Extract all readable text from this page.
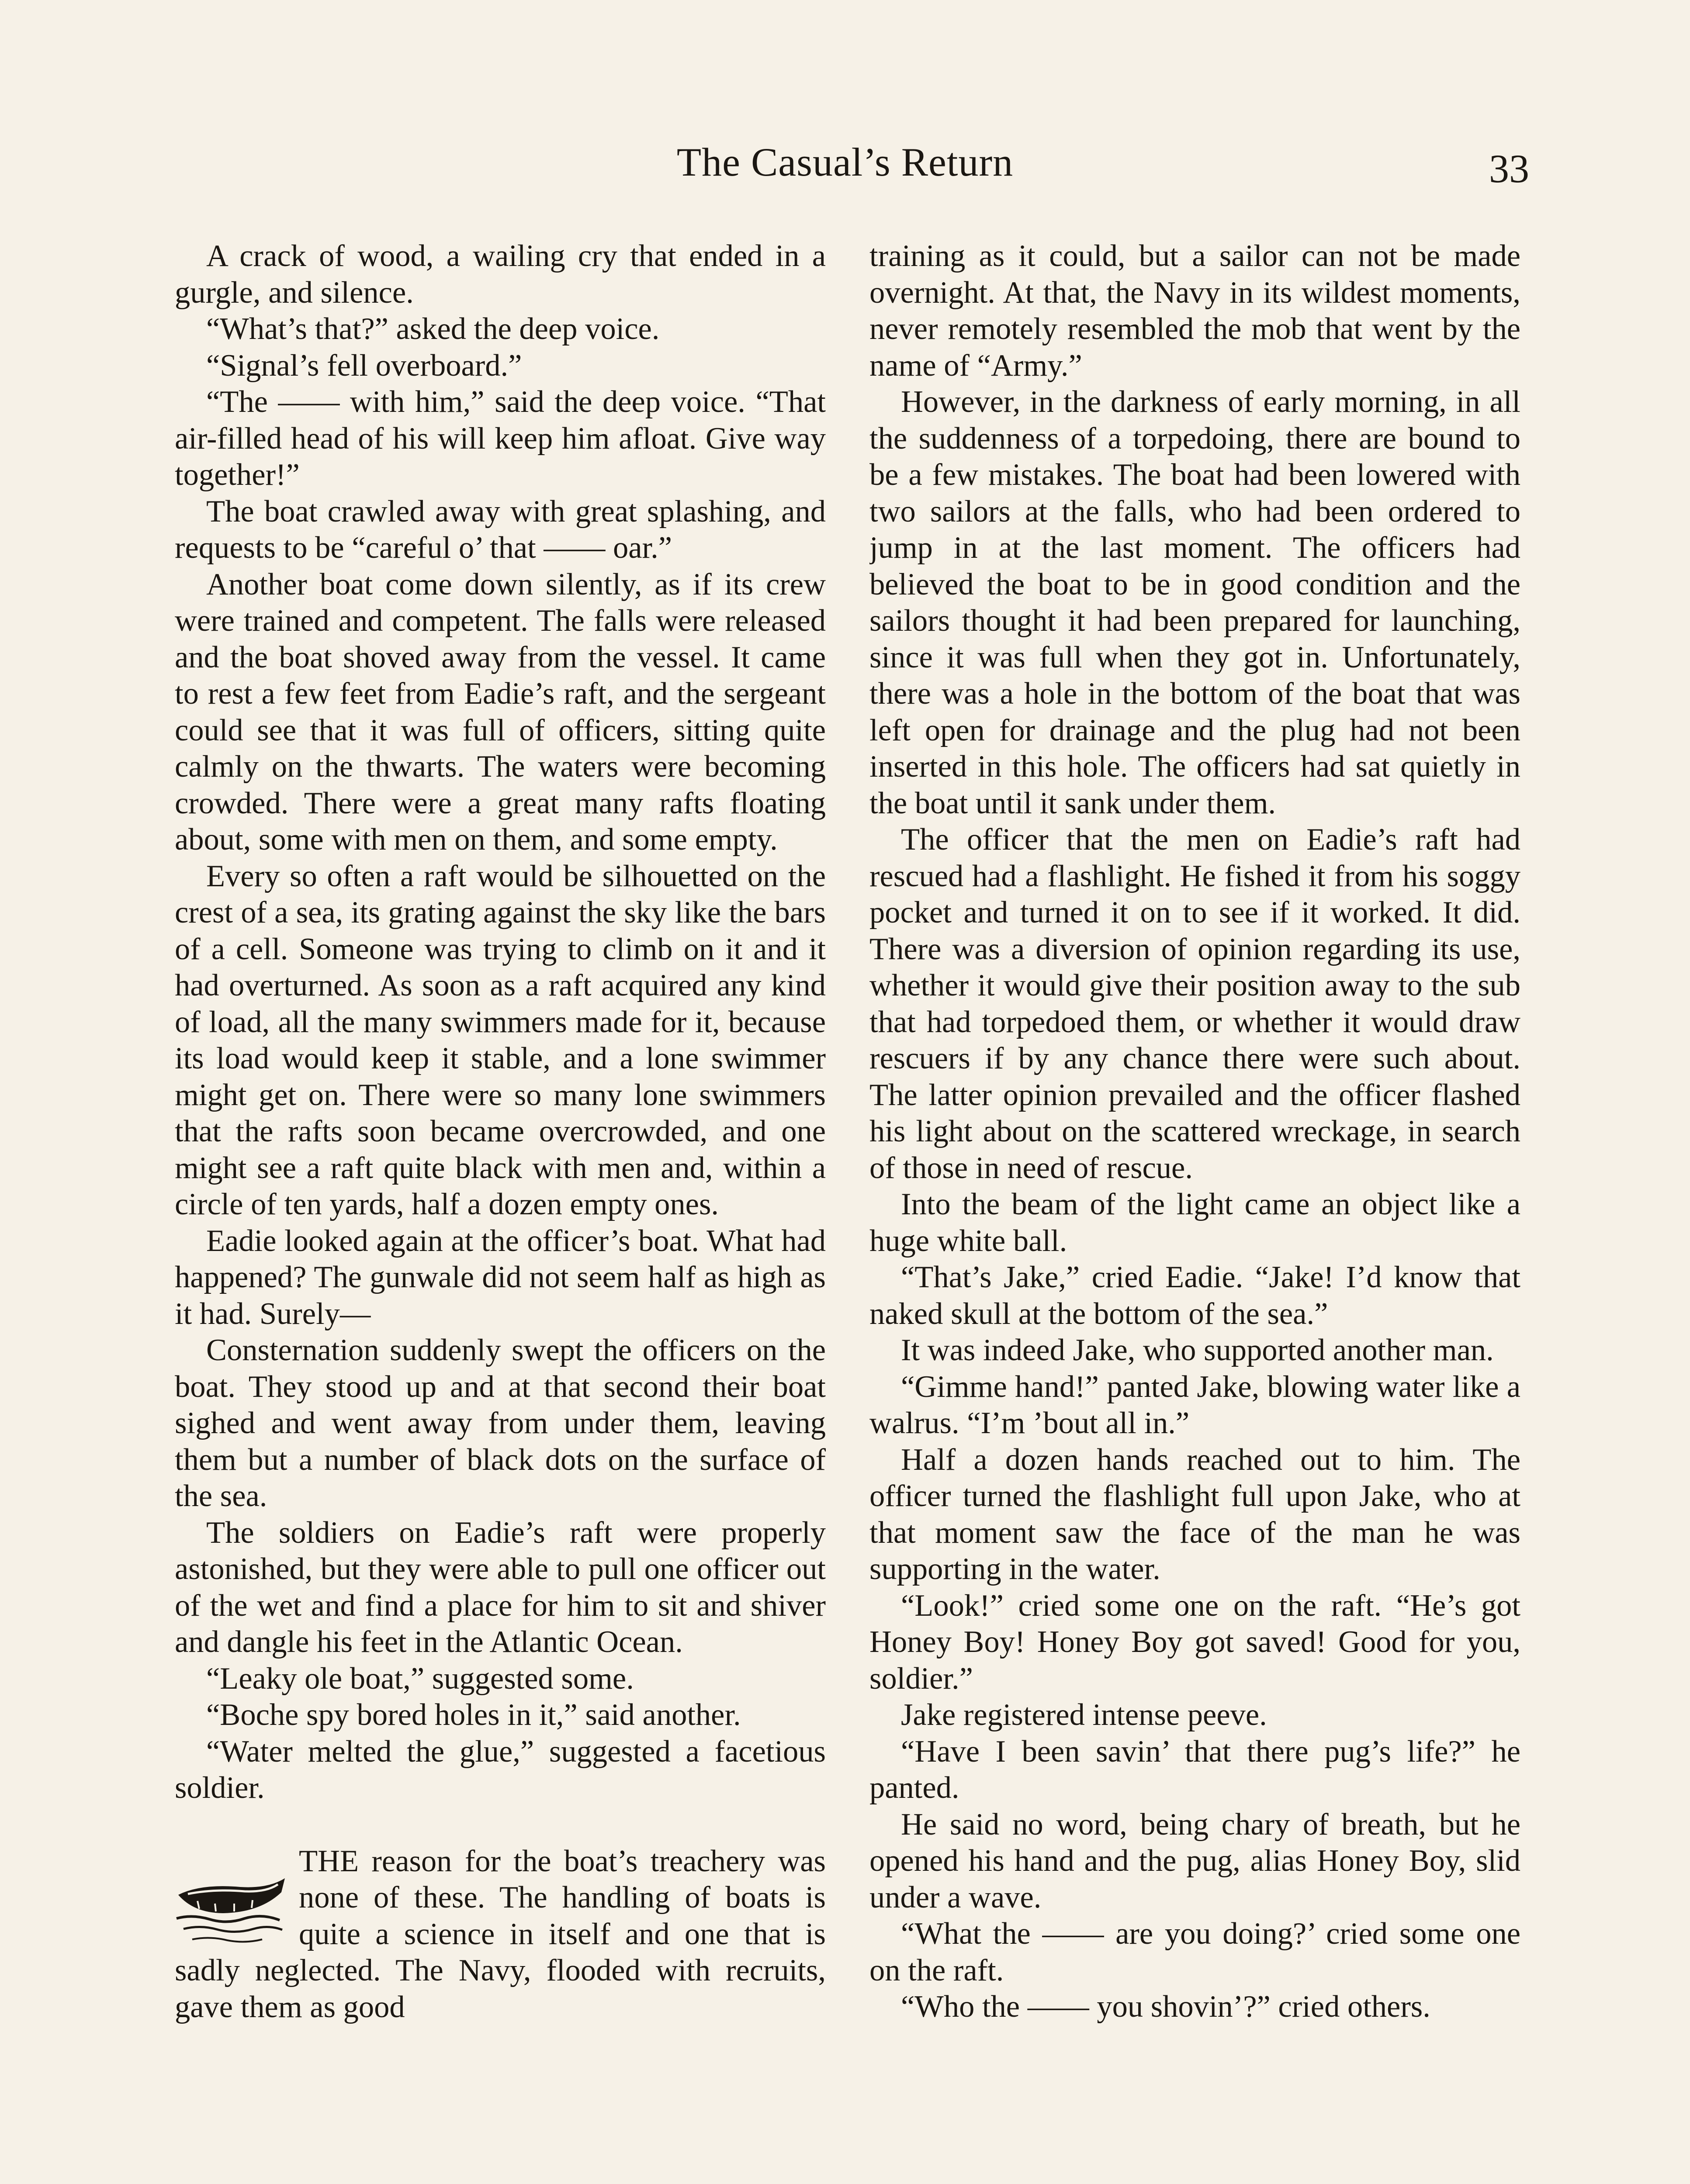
The Casual’s Return	33

A crack of wood, a wailing cry that ended in a gurgle, and silence.

“What’s that?” asked the deep voice.

“Signal’s fell overboard.”

“The —— with him,” said the deep voice. “That air-filled head of his will keep him afloat. Give way together!”

The boat crawled away with great splashing, and requests to be “careful o’ that —— oar.”

Another boat come down silently, as if its crew were trained and competent. The falls were released and the boat shoved away from the vessel. It came to rest a few feet from Eadie’s raft, and the sergeant could see that it was full of officers, sitting quite calmly on the thwarts. The waters were becoming crowded. There were a great many rafts floating about, some with men on them, and some empty.

Every so often a raft would be silhouetted on the crest of a sea, its grating against the sky like the bars of a cell. Someone was trying to climb on it and it had overturned. As soon as a raft acquired any kind of load, all the many swimmers made for it, because its load would keep it stable, and a lone swimmer might get on. There were so many lone swimmers that the rafts soon became overcrowded, and one might see a raft quite black with men and, within a circle of ten yards, half a dozen empty ones.

Eadie looked again at the officer’s boat. What had happened? The gunwale did not seem half as high as it had. Surely—

Consternation suddenly swept the officers on the boat. They stood up and at that second their boat sighed and went away from under them, leaving them but a number of black dots on the surface of the sea.

The soldiers on Eadie’s raft were properly astonished, but they were able to pull one officer out of the wet and find a place for him to sit and shiver and dangle his feet in the Atlantic Ocean.

“Leaky ole boat,” suggested some.

“Boche spy bored holes in it,” said another.

“Water melted the glue,” suggested a facetious soldier.

THE reason for the boat’s treachery was none of these. The handling of boats is quite a science in itself and one that is sadly neglected. The Navy, flooded with recruits, gave them as good

training as it could, but a sailor can not be made overnight. At that, the Navy in its wildest moments, never remotely resembled the mob that went by the name of “Army.”

However, in the darkness of early morning, in all the suddenness of a torpedoing, there are bound to be a few mistakes. The boat had been lowered with two sailors at the falls, who had been ordered to jump in at the last moment. The officers had believed the boat to be in good condition and the sailors thought it had been prepared for launching, since it was full when they got in. Unfortunately, there was a hole in the bottom of the boat that was left open for drainage and the plug had not been inserted in this hole. The officers had sat quietly in the boat until it sank under them.

The officer that the men on Eadie’s raft had rescued had a flashlight. He fished it from his soggy pocket and turned it on to see if it worked. It did. There was a diversion of opinion regarding its use, whether it would give their position away to the sub that had torpedoed them, or whether it would draw rescuers if by any chance there were such about. The latter opinion prevailed and the officer flashed his light about on the scattered wreckage, in search of those in need of rescue.

Into the beam of the light came an object like a huge white ball.

“That’s Jake,” cried Eadie. “Jake! I’d know that naked skull at the bottom of the sea.”

It was indeed Jake, who supported another man.

“Gimme hand!” panted Jake, blowing water like a walrus. “I’m ’bout all in.”

Half a dozen hands reached out to him. The officer turned the flashlight full upon Jake, who at that moment saw the face of the man he was supporting in the water.

“Look!” cried some one on the raft. “He’s got Honey Boy! Honey Boy got saved! Good for you, soldier.”

Jake registered intense peeve.

“Have I been savin’ that there pug’s life?” he panted.

He said no word, being chary of breath, but he opened his hand and the pug, alias Honey Boy, slid under a wave.

“What the —— are you doing?’ cried some one on the raft.

“Who the —— you shovin’?” cried others.
